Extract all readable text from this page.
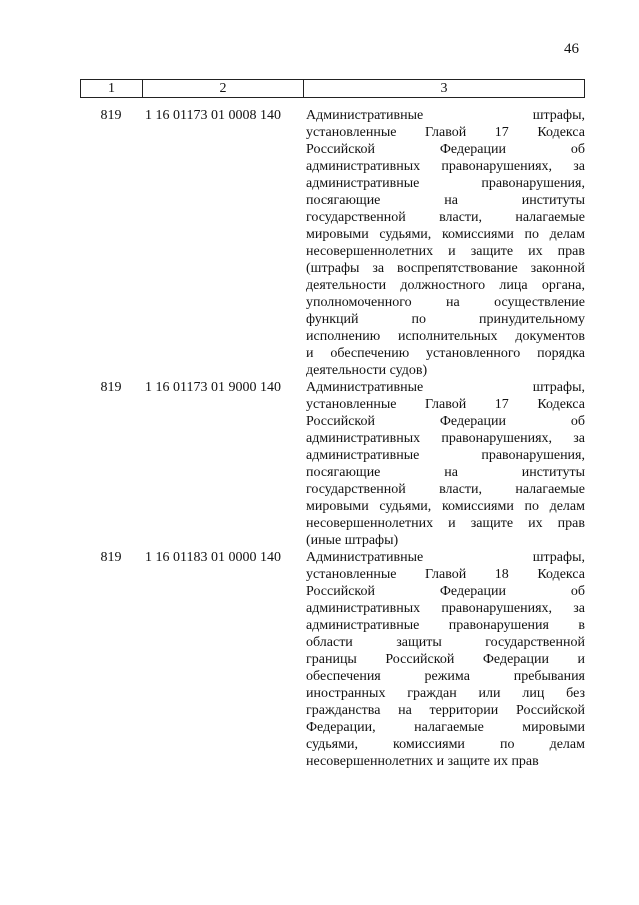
46
1	2	3
819	1 16 01173 01 0008 140	Административные штрафы,
установленные Главой 17 Кодекса
Российской Федерации об
административных правонарушениях, за
административные правонарушения,
посягающие на институты
государственной власти, налагаемые
мировыми судьями, комиссиями по делам
несовершеннолетних и защите их прав
(штрафы за воспрепятствование законной
деятельности должностного лица органа,
уполномоченного на осуществление
функций по принудительному
исполнению исполнительных документов
и обеспечению установленного порядка
деятельности судов)
819	1 16 01173 01 9000 140	Административные штрафы,
установленные Главой 17 Кодекса
Российской Федерации об
административных правонарушениях, за
административные правонарушения,
посягающие на институты
государственной власти, налагаемые
мировыми судьями, комиссиями по делам
несовершеннолетних и защите их прав
(иные штрафы)
819	1 16 01183 01 0000 140	Административные штрафы,
установленные Главой 18 Кодекса
Российской Федерации об
административных правонарушениях, за
административные правонарушения в
области защиты государственной
границы Российской Федерации и
обеспечения режима пребывания
иностранных граждан или лиц без
гражданства на территории Российской
Федерации, налагаемые мировыми
судьями, комиссиями по делам
несовершеннолетних и защите их прав
